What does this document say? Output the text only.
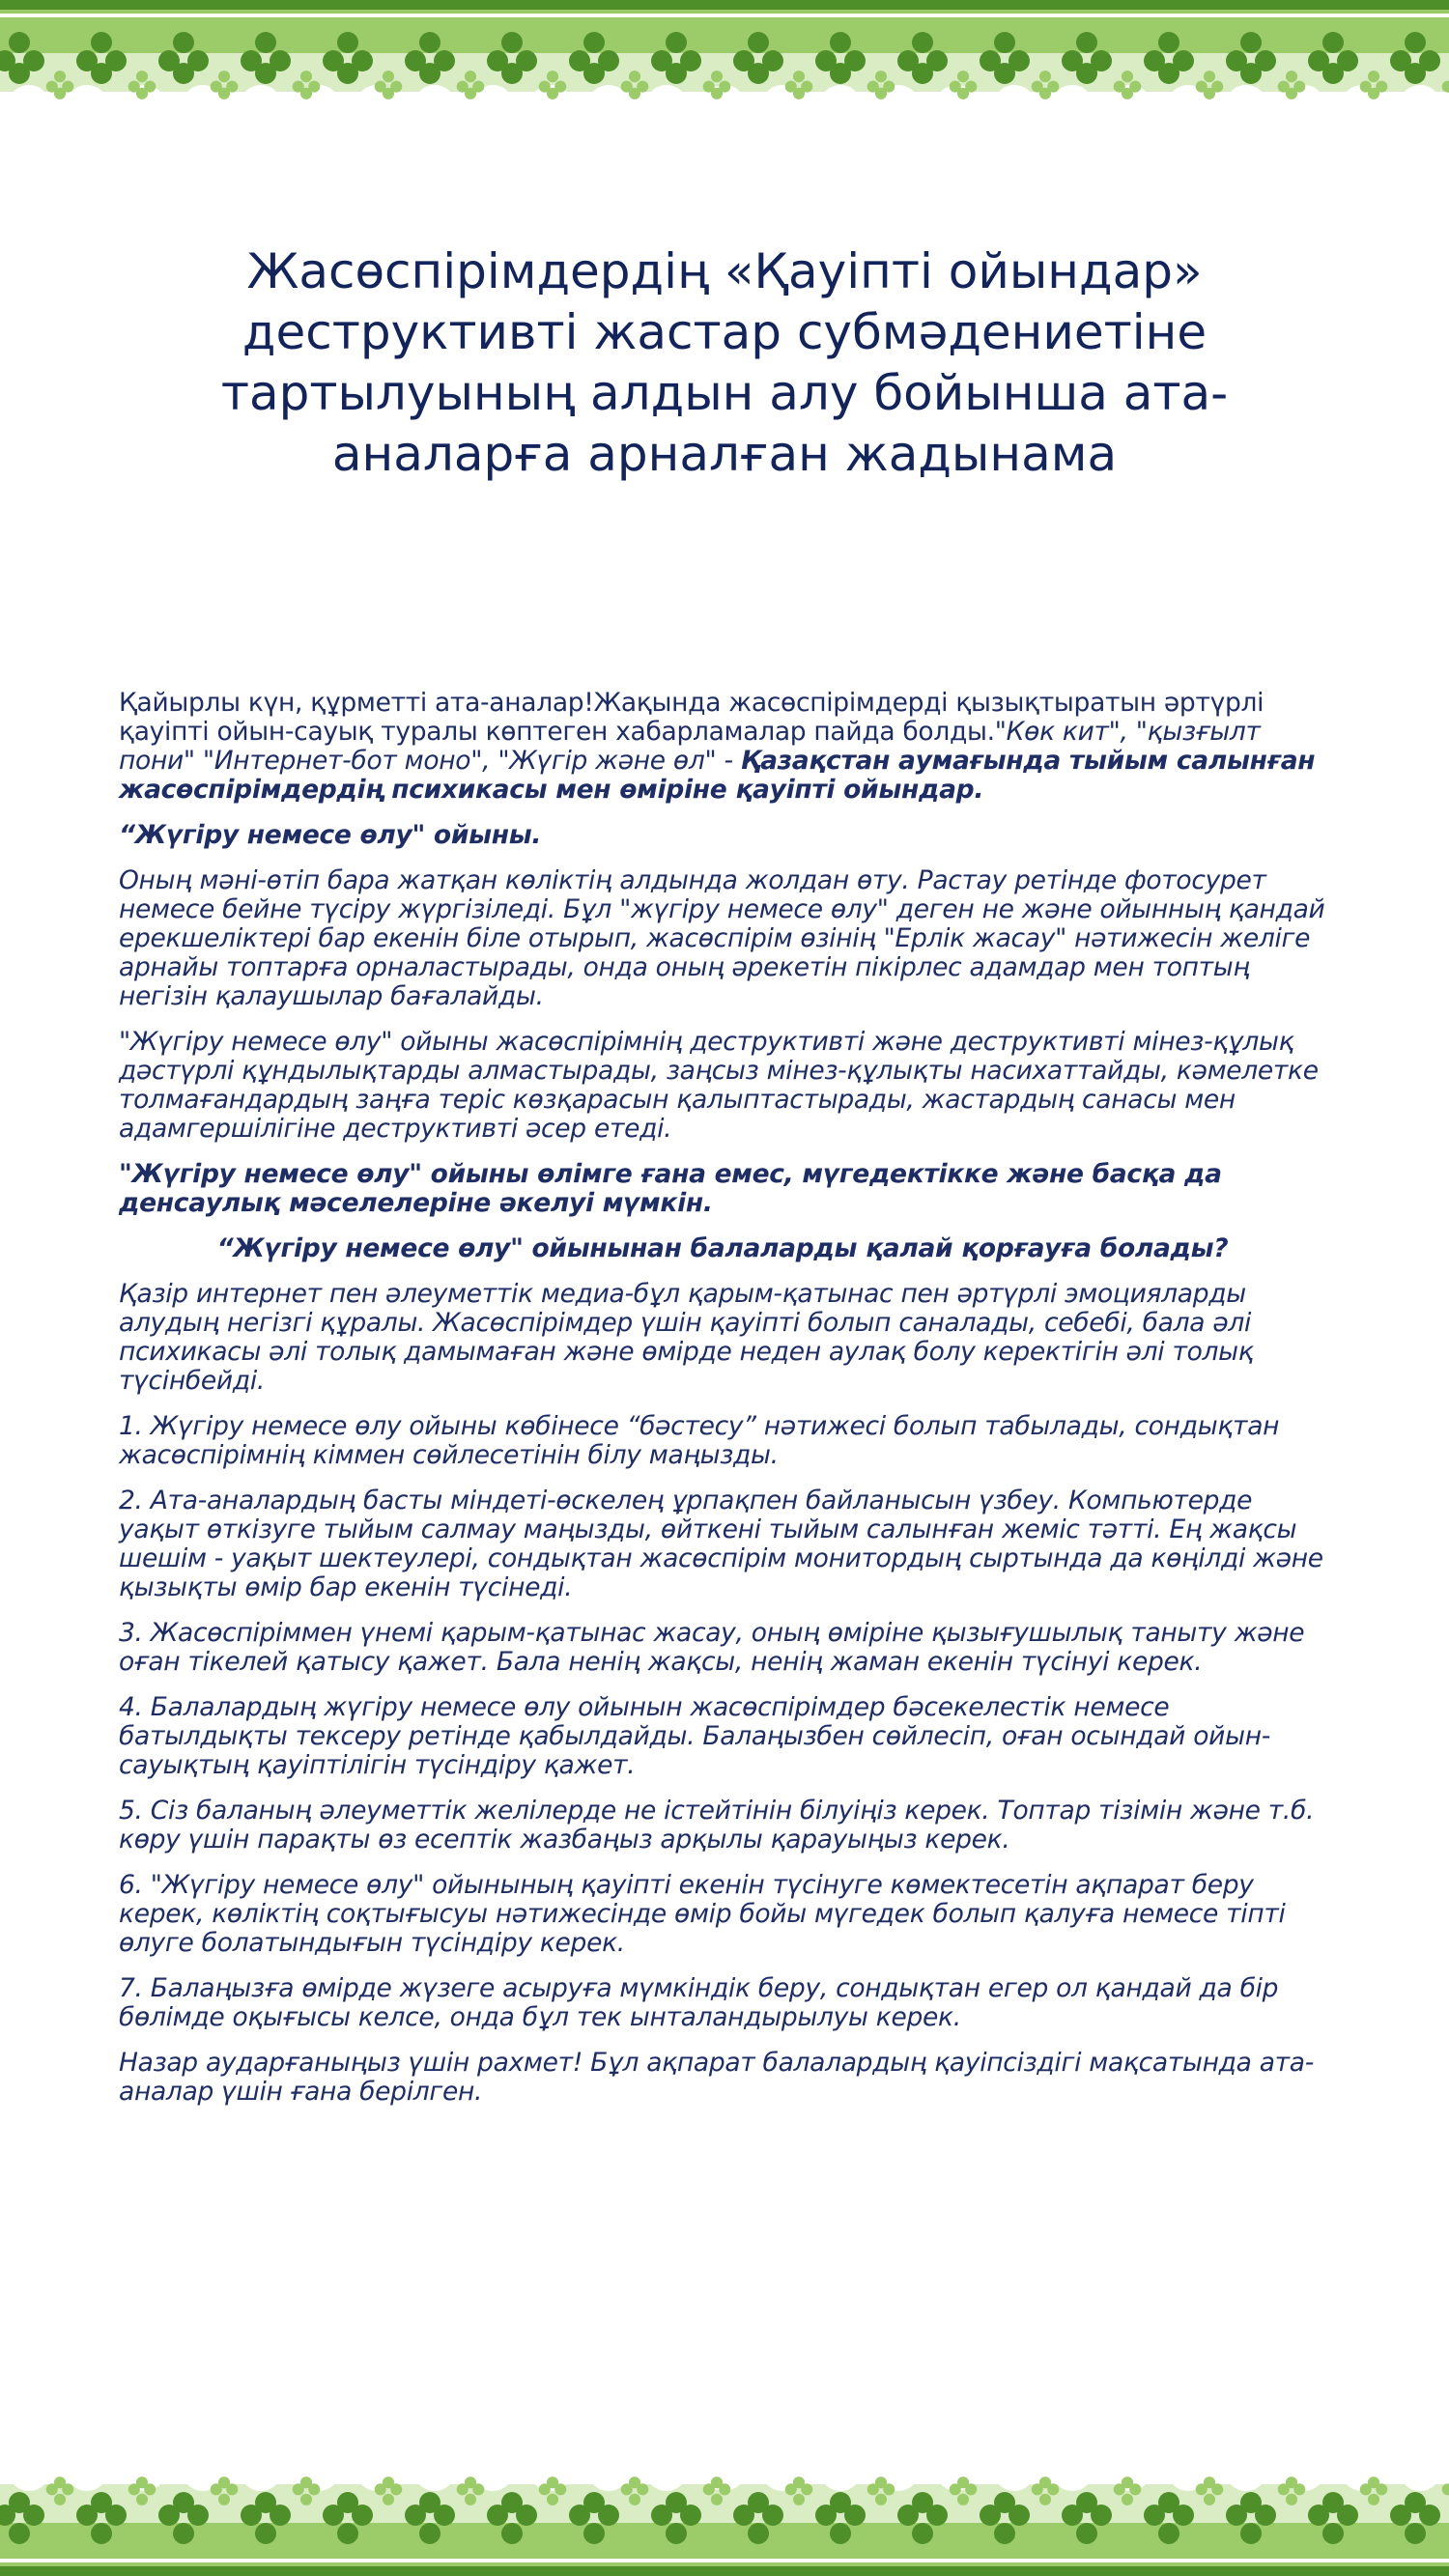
Жасөспірімдердің «Қауіпті ойындар» деструктивті жастар субмәдениетіне тартылуының алдын алу бойынша ата-аналарға арналған жадынама

Қайырлы күн, құрметті ата-аналар!Жақында жасөспірімдерді қызықтыратын әртүрлі қауіпті ойын-сауық туралы көптеген хабарламалар пайда болды."Көк кит", "қызғылт пони" "Интернет-бот моно", "Жүгір және өл" - Қазақстан аумағында тыйым салынған жасөспірімдердің психикасы мен өміріне қауіпті ойындар.

“Жүгіру немесе өлу" ойыны.

Оның мәні-өтіп бара жатқан көліктің алдында жолдан өту. Растау ретінде фотосурет немесе бейне түсіру жүргізіледі. Бұл "жүгіру немесе өлу" деген не және ойынның қандай ерекшеліктері бар екенін біле отырып, жасөспірім өзінің "Ерлік жасау" нәтижесін желіге арнайы топтарға орналастырады, онда оның әрекетін пікірлес адамдар мен топтың негізін қалаушылар бағалайды.

"Жүгіру немесе өлу" ойыны жасөспірімнің деструктивті және деструктивті мінез-құлық дәстүрлі құндылықтарды алмастырады, заңсыз мінез-құлықты насихаттайды, кәмелетке толмағандардың заңға теріс көзқарасын қалыптастырады, жастардың санасы мен адамгершілігіне деструктивті әсер етеді.

"Жүгіру немесе өлу" ойыны өлімге ғана емес, мүгедектікке және басқа да денсаулық мәселелеріне әкелуі мүмкін.

“Жүгіру немесе өлу" ойынынан балаларды қалай қорғауға болады?

Қазір интернет пен әлеуметтік медиа-бұл қарым-қатынас пен әртүрлі эмоцияларды алудың негізгі құралы. Жасөспірімдер үшін қауіпті болып саналады, себебі, бала әлі психикасы әлі толық дамымаған және өмірде неден аулақ болу керектігін әлі толық түсінбейді.

1. Жүгіру немесе өлу ойыны көбінесе “бәстесу” нәтижесі болып табылады, сондықтан жасөспірімнің кіммен сөйлесетінін білу маңызды.

2. Ата-аналардың басты міндеті-өскелең ұрпақпен байланысын үзбеу. Компьютерде уақыт өткізуге тыйым салмау маңызды, өйткені тыйым салынған жеміс тәтті. Ең жақсы шешім - уақыт шектеулері, сондықтан жасөспірім монитордың сыртында да көңілді және қызықты өмір бар екенін түсінеді.

3. Жасөспіріммен үнемі қарым-қатынас жасау, оның өміріне қызығушылық таныту және оған тікелей қатысу қажет. Бала ненің жақсы, ненің жаман екенін түсінуі керек.

4. Балалардың жүгіру немесе өлу ойынын жасөспірімдер бәсекелестік немесе батылдықты тексеру ретінде қабылдайды. Балаңызбен сөйлесіп, оған осындай ойын-сауықтың қауіптілігін түсіндіру қажет.

5. Сіз баланың әлеуметтік желілерде не істейтінін білуіңіз керек. Топтар тізімін және т.б. көру үшін парақты өз есептік жазбаңыз арқылы қарауыңыз керек.

6. "Жүгіру немесе өлу" ойынының қауіпті екенін түсінуге көмектесетін ақпарат беру керек, көліктің соқтығысуы нәтижесінде өмір бойы мүгедек болып қалуға немесе тіпті өлуге болатындығын түсіндіру керек.

7. Балаңызға өмірде жүзеге асыруға мүмкіндік беру, сондықтан егер ол қандай да бір бөлімде оқығысы келсе, онда бұл тек ынталандырылуы керек.

Назар аударғаныңыз үшін рахмет! Бұл ақпарат балалардың қауіпсіздігі мақсатында ата-аналар үшін ғана берілген.
